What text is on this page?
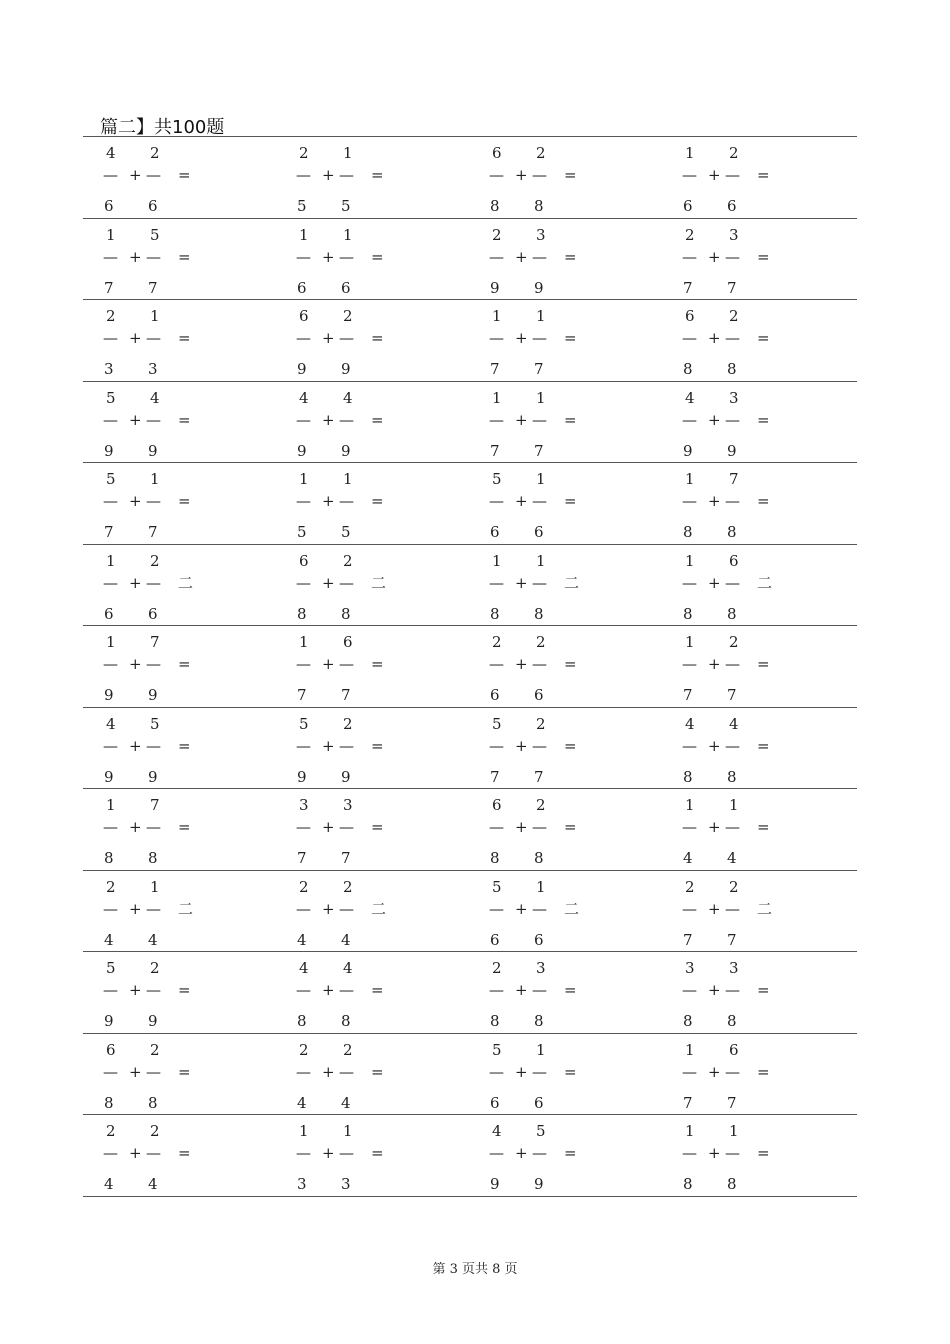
篇二】共100题
4 2
— + — =
6 6
2 1
— + — =
5 5
6 2
— + — =
8 8
1 2
— + — =
6 6
1 5
— + — =
7 7
1 1
— + — =
6 6
2 3
— + — =
9 9
2 3
— + — =
7 7
2 1
— + — =
3 3
6 2
— + — =
9 9
1 1
— + — =
7 7
6 2
— + — =
8 8
5 4
— + — =
9 9
4 4
— + — =
9 9
1 1
— + — =
7 7
4 3
— + — =
9 9
5 1
— + — =
7 7
1 1
— + — =
5 5
5 1
— + — =
6 6
1 7
— + — =
8 8
1 2
— + — 二
6 6
6 2
— + — 二
8 8
1 1
— + — 二
8 8
1 6
— + — 二
8 8
1 7
— + — =
9 9
1 6
— + — =
7 7
2 2
— + — =
6 6
1 2
— + — =
7 7
4 5
— + — =
9 9
5 2
— + — =
9 9
5 2
— + — =
7 7
4 4
— + — =
8 8
1 7
— + — =
8 8
3 3
— + — =
7 7
6 2
— + — =
8 8
1 1
— + — =
4 4
2 1
— + — 二
4 4
2 2
— + — 二
4 4
5 1
— + — 二
6 6
2 2
— + — 二
7 7
5 2
— + — =
9 9
4 4
— + — =
8 8
2 3
— + — =
8 8
3 3
— + — =
8 8
6 2
— + — =
8 8
2 2
— + — =
4 4
5 1
— + — =
6 6
1 6
— + — =
7 7
2 2
— + — =
4 4
1 1
— + — =
3 3
4 5
— + — =
9 9
1 1
— + — =
8 8
第 3 页共 8 页
